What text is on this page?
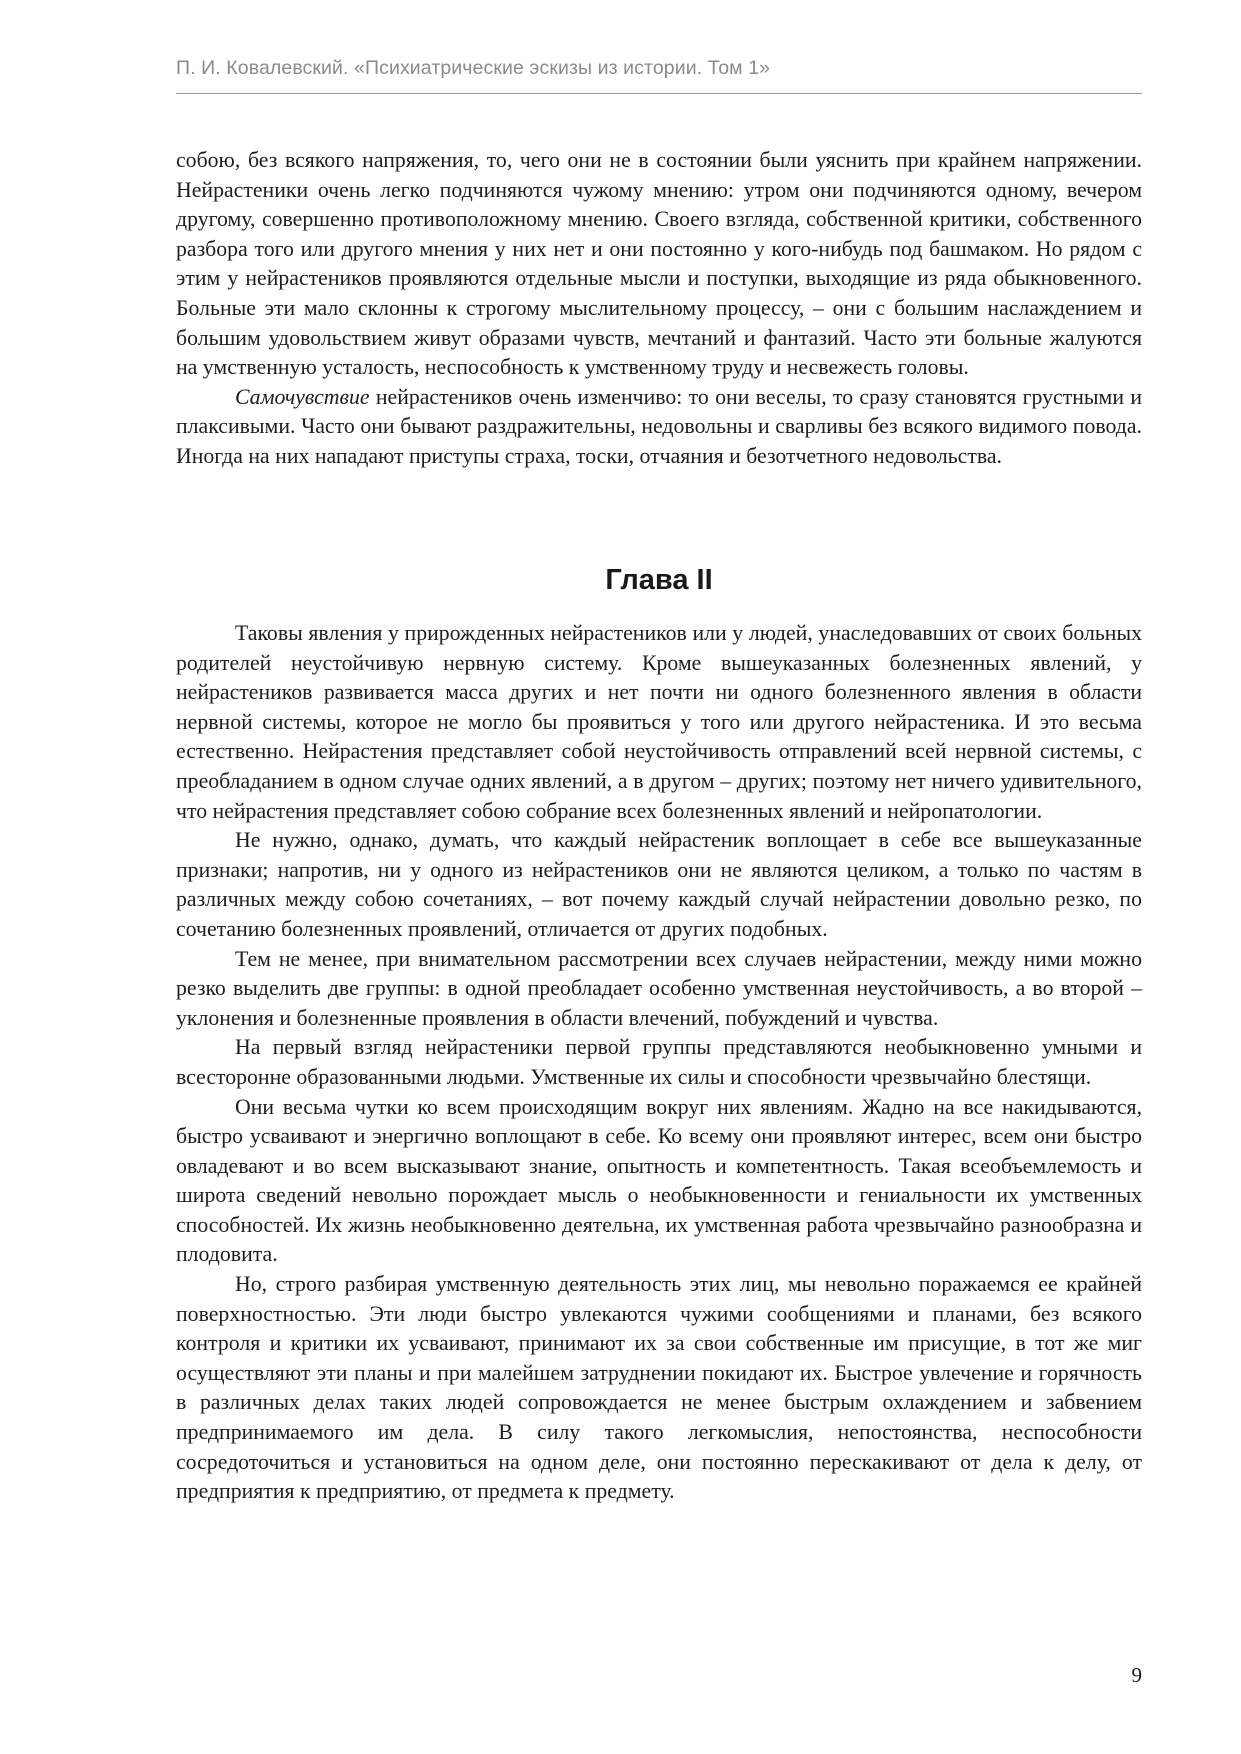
П. И. Ковалевский. «Психиатрические эскизы из истории. Том 1»

собою, без всякого напряжения, то, чего они не в состоянии были уяснить при крайнем напряжении. Нейрастеники очень легко подчиняются чужому мнению: утром они подчиняются одному, вечером другому, совершенно противоположному мнению. Своего взгляда, собственной критики, собственного разбора того или другого мнения у них нет и они постоянно у кого-нибудь под башмаком. Но рядом с этим у нейрастеников проявляются отдельные мысли и поступки, выходящие из ряда обыкновенного. Больные эти мало склонны к строгому мыслительному процессу, – они с большим наслаждением и большим удовольствием живут образами чувств, мечтаний и фантазий. Часто эти больные жалуются на умственную усталость, неспособность к умственному труду и несвежесть головы.

Самочувствие нейрастеников очень изменчиво: то они веселы, то сразу становятся грустными и плаксивыми. Часто они бывают раздражительны, недовольны и сварливы без всякого видимого повода. Иногда на них нападают приступы страха, тоски, отчаяния и безотчетного недовольства.

Глава II

Таковы явления у прирожденных нейрастеников или у людей, унаследовавших от своих больных родителей неустойчивую нервную систему. Кроме вышеуказанных болезненных явлений, у нейрастеников развивается масса других и нет почти ни одного болезненного явления в области нервной системы, которое не могло бы проявиться у того или другого нейрастеника. И это весьма естественно. Нейрастения представляет собой неустойчивость отправлений всей нервной системы, с преобладанием в одном случае одних явлений, а в другом – других; поэтому нет ничего удивительного, что нейрастения представляет собою собрание всех болезненных явлений и нейропатологии.

Не нужно, однако, думать, что каждый нейрастеник воплощает в себе все вышеуказанные признаки; напротив, ни у одного из нейрастеников они не являются целиком, а только по частям в различных между собою сочетаниях, – вот почему каждый случай нейрастении довольно резко, по сочетанию болезненных проявлений, отличается от других подобных.

Тем не менее, при внимательном рассмотрении всех случаев нейрастении, между ними можно резко выделить две группы: в одной преобладает особенно умственная неустойчивость, а во второй – уклонения и болезненные проявления в области влечений, побуждений и чувства.

На первый взгляд нейрастеники первой группы представляются необыкновенно умными и всесторонне образованными людьми. Умственные их силы и способности чрезвычайно блестящи.

Они весьма чутки ко всем происходящим вокруг них явлениям. Жадно на все накидываются, быстро усваивают и энергично воплощают в себе. Ко всему они проявляют интерес, всем они быстро овладевают и во всем высказывают знание, опытность и компетентность. Такая всеобъемлемость и широта сведений невольно порождает мысль о необыкновенности и гениальности их умственных способностей. Их жизнь необыкновенно деятельна, их умственная работа чрезвычайно разнообразна и плодовита.

Но, строго разбирая умственную деятельность этих лиц, мы невольно поражаемся ее крайней поверхностностью. Эти люди быстро увлекаются чужими сообщениями и планами, без всякого контроля и критики их усваивают, принимают их за свои собственные им присущие, в тот же миг осуществляют эти планы и при малейшем затруднении покидают их. Быстрое увлечение и горячность в различных делах таких людей сопровождается не менее быстрым охлаждением и забвением предпринимаемого им дела. В силу такого легкомыслия, непостоянства, неспособности сосредоточиться и установиться на одном деле, они постоянно перескакивают от дела к делу, от предприятия к предприятию, от предмета к предмету.

9
